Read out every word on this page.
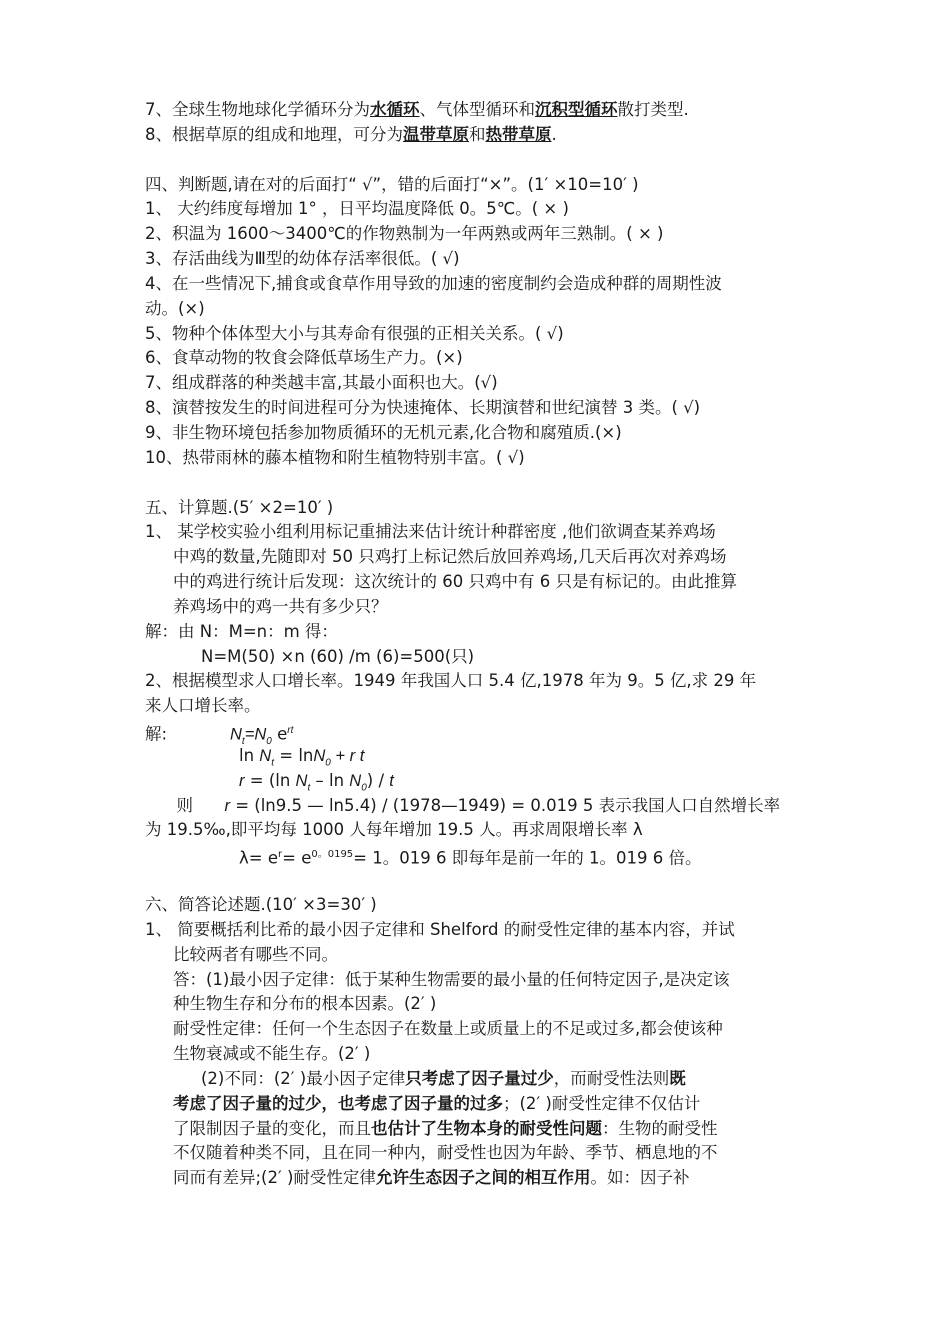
7、全球生物地球化学循环分为水循环、气体型循环和沉积型循环散打类型.
8、根据草原的组成和地理，可分为温带草原和热带草原.
四、判断题,请在对的后面打“ √”，错的后面打“×”。(1′ ×10=10′ )
1、 大约纬度每增加 1° ，日平均温度降低 0。5℃。( × )
2、积温为 1600～3400℃的作物熟制为一年两熟或两年三熟制。( × )
3、存活曲线为Ⅲ型的幼体存活率很低。( √)
4、在一些情况下,捕食或食草作用导致的加速的密度制约会造成种群的周期性波
动。(×)
5、物种个体体型大小与其寿命有很强的正相关关系。( √)
6、食草动物的牧食会降低草场生产力。(×)
7、组成群落的种类越丰富,其最小面积也大。(√)
8、演替按发生的时间进程可分为快速掩体、长期演替和世纪演替 3 类。( √)
9、非生物环境包括参加物质循环的无机元素,化合物和腐殖质.(×)
10、热带雨林的藤本植物和附生植物特别丰富。( √)
五、计算题.(5′ ×2=10′ )
1、 某学校实验小组利用标记重捕法来估计统计种群密度 ,他们欲调查某养鸡场
中鸡的数量,先随即对 50 只鸡打上标记然后放回养鸡场,几天后再次对养鸡场
中的鸡进行统计后发现：这次统计的 60 只鸡中有 6 只是有标记的。由此推算
养鸡场中的鸡一共有多少只？
解：由 N：M=n：m 得：
N=M(50) ×n (60) /m (6)=500(只)
2、根据模型求人口增长率。1949 年我国人口 5.4 亿,1978 年为 9。5 亿,求 29 年
来人口增长率。
解:            $N_t=N_0$ $e^{rt}$
$\ln N_t = \ln N_0 + r$ t
r = (ln $N_t$ – $\ln N_0$) / t
则      r = (ln9.5 — ln5.4) / (1978—1949) = 0.019 5 表示我国人口自然增长率
为 19.5‰,即平均每 1000 人每年增加 19.5 人。再求周限增长率 λ
$\lambda= e^r= e^{0。0195}= 1$。019 6 即每年是前一年的 1。019 6 倍。
六、简答论述题.(10′ ×3=30′ )
1、 简要概括利比希的最小因子定律和 Shelford 的耐受性定律的基本内容，并试
比较两者有哪些不同。
答：(1)最小因子定律：低于某种生物需要的最小量的任何特定因子,是决定该
种生物生存和分布的根本因素。(2′ )
耐受性定律：任何一个生态因子在数量上或质量上的不足或过多,都会使该种
生物衰减或不能生存。(2′ )
(2)不同：(2′ )最小因子定律只考虑了因子量过少，而耐受性法则既
考虑了因子量的过少，也考虑了因子量的过多；(2′ )耐受性定律不仅估计
了限制因子量的变化，而且也估计了生物本身的耐受性问题：生物的耐受性
不仅随着种类不同，且在同一种内，耐受性也因为年龄、季节、栖息地的不
同而有差异;(2′ )耐受性定律允许生态因子之间的相互作用。如：因子补
